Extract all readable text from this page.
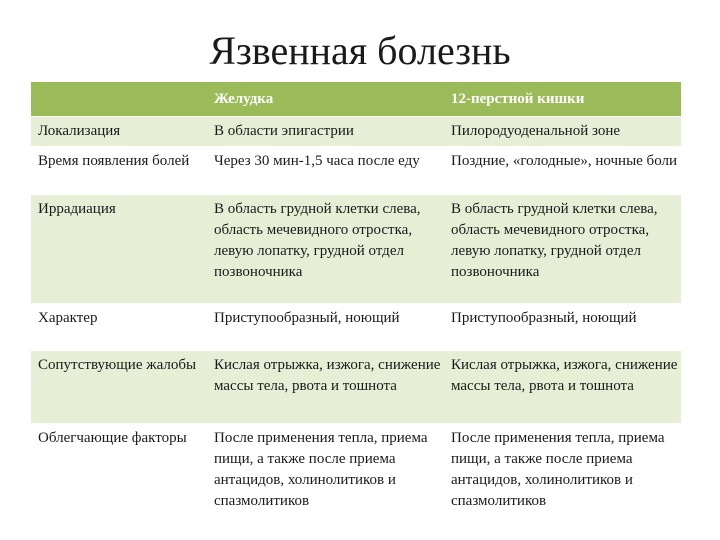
Язвенная болезнь
	Желудка	12-перстной кишки
Локализация	В области эпигастрии	Пилородуоденальной зоне
Время появления болей	Через 30 мин-1,5 часа после еду	Поздние, «голодные», ночные боли
Иррадиация	В область грудной клетки слева, область мечевидного отростка, левую лопатку, грудной отдел позвоночника	В область грудной клетки слева, область мечевидного отростка, левую лопатку, грудной отдел позвоночника
Характер	Приступообразный, ноющий	Приступообразный, ноющий
Сопутствующие жалобы	Кислая отрыжка, изжога, снижение массы тела, рвота и тошнота	Кислая отрыжка, изжога, снижение массы тела, рвота и тошнота
Облегчающие факторы	После применения тепла, приема пищи, а также после приема антацидов, холинолитиков и спазмолитиков	После применения тепла, приема пищи, а также после приема антацидов, холинолитиков и спазмолитиков
